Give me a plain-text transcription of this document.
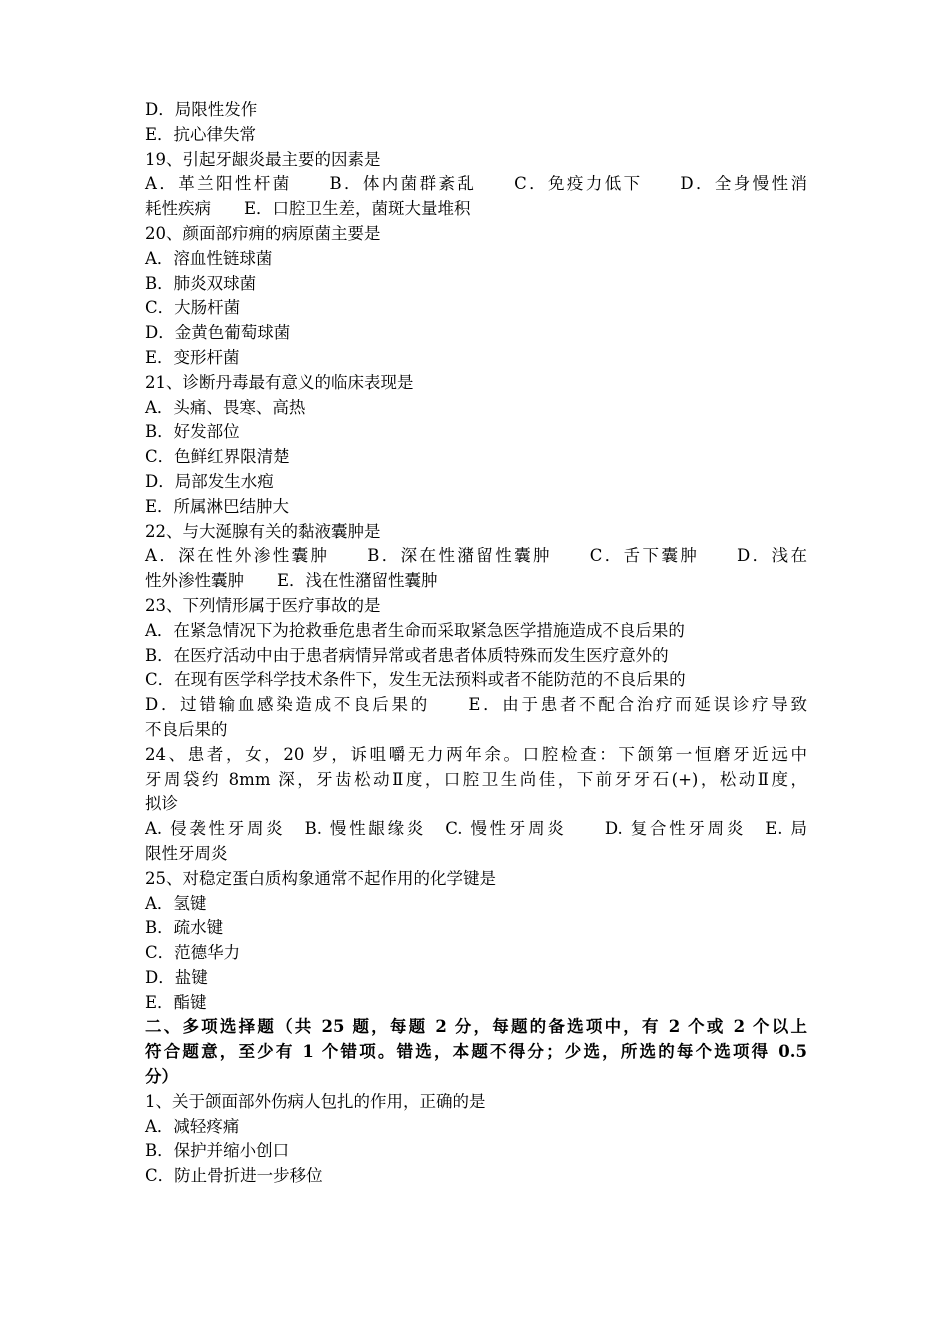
D．局限性发作
E．抗心律失常
19、引起牙龈炎最主要的因素是
A．革兰阳性杆菌　　B．体内菌群紊乱　　C．免疫力低下　　D．全身慢性消
耗性疾病　　E．口腔卫生差，菌斑大量堆积
20、颜面部疖痈的病原菌主要是
A．溶血性链球菌
B．肺炎双球菌
C．大肠杆菌
D．金黄色葡萄球菌
E．变形杆菌
21、诊断丹毒最有意义的临床表现是
A．头痛、畏寒、高热
B．好发部位
C．色鲜红界限清楚
D．局部发生水疱
E．所属淋巴结肿大
22、与大涎腺有关的黏液囊肿是
A．深在性外渗性囊肿　　B．深在性潴留性囊肿　　C．舌下囊肿　　D．浅在
性外渗性囊肿　　E．浅在性潴留性囊肿
23、下列情形属于医疗事故的是
A．在紧急情况下为抢救垂危患者生命而采取紧急医学措施造成不良后果的
B．在医疗活动中由于患者病情异常或者患者体质特殊而发生医疗意外的
C．在现有医学科学技术条件下，发生无法预料或者不能防范的不良后果的
D．过错输血感染造成不良后果的　　E．由于患者不配合治疗而延误诊疗导致
不良后果的
24、患者，女，20 岁，诉咀嚼无力两年余。口腔检查：下颌第一恒磨牙近远中
牙周袋约 8mm 深，牙齿松动Ⅱ度，口腔卫生尚佳，下前牙牙石(+)，松动Ⅱ度，
拟诊
A. 侵袭性牙周炎　B. 慢性龈缘炎　C. 慢性牙周炎　　D. 复合性牙周炎　E. 局
限性牙周炎
25、对稳定蛋白质构象通常不起作用的化学键是
A．氢键
B．疏水键
C．范德华力
D．盐键
E．酯键
二、多项选择题（共 25 题，每题 2 分，每题的备选项中，有 2 个或 2 个以上
符合题意，至少有 1 个错项。错选，本题不得分；少选，所选的每个选项得 0.5
分）
1、关于颌面部外伤病人包扎的作用，正确的是
A．减轻疼痛
B．保护并缩小创口
C．防止骨折进一步移位
